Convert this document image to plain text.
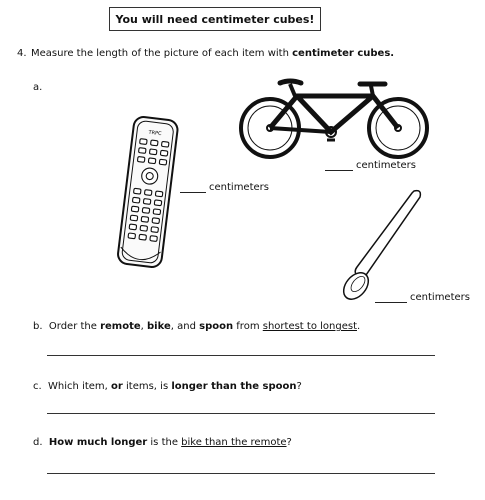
You will need centimeter cubes!
4. Measure the length of the picture of each item with centimeter cubes.
a.
TRPC
centimeters
centimeters
centimeters
b. Order the remote, bike, and spoon from shortest to longest.
c. Which item, or items, is longer than the spoon?
d. How much longer is the bike than the remote?
